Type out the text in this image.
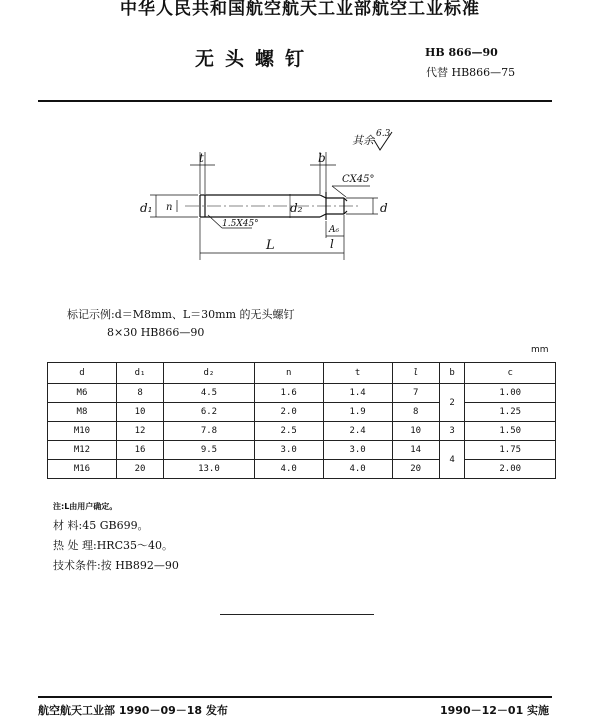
中华人民共和国航空航天工业部航空工业标准
无头螺钉	HB 866—90
代替 HB866—75
其余 6.3
t	b
CX45°
d₁ n	d₂	d
l
L
1.5X45°
A₆
标记示例:d＝M8mm、L＝30mm 的无头螺钉
8×30 HB866—90
mm
d	d₁	d₂	n	t	l	b	c
M6	8	4.5	1.6	1.4	7	2	1.00
M8	10	6.2	2.0	1.9	8		1.25
M10	12	7.8	2.5	2.4	10	3	1.50
M12	16	9.5	3.0	3.0	14	4	1.75
M16	20	13.0	4.0	4.0	20		2.00
注:L由用户确定。
材 料:45 GB699。
热 处 理:HRC35～40。
技术条件:按 HB892—90
航空航天工业部 1990－09－18 发布	1990－12－01 实施
